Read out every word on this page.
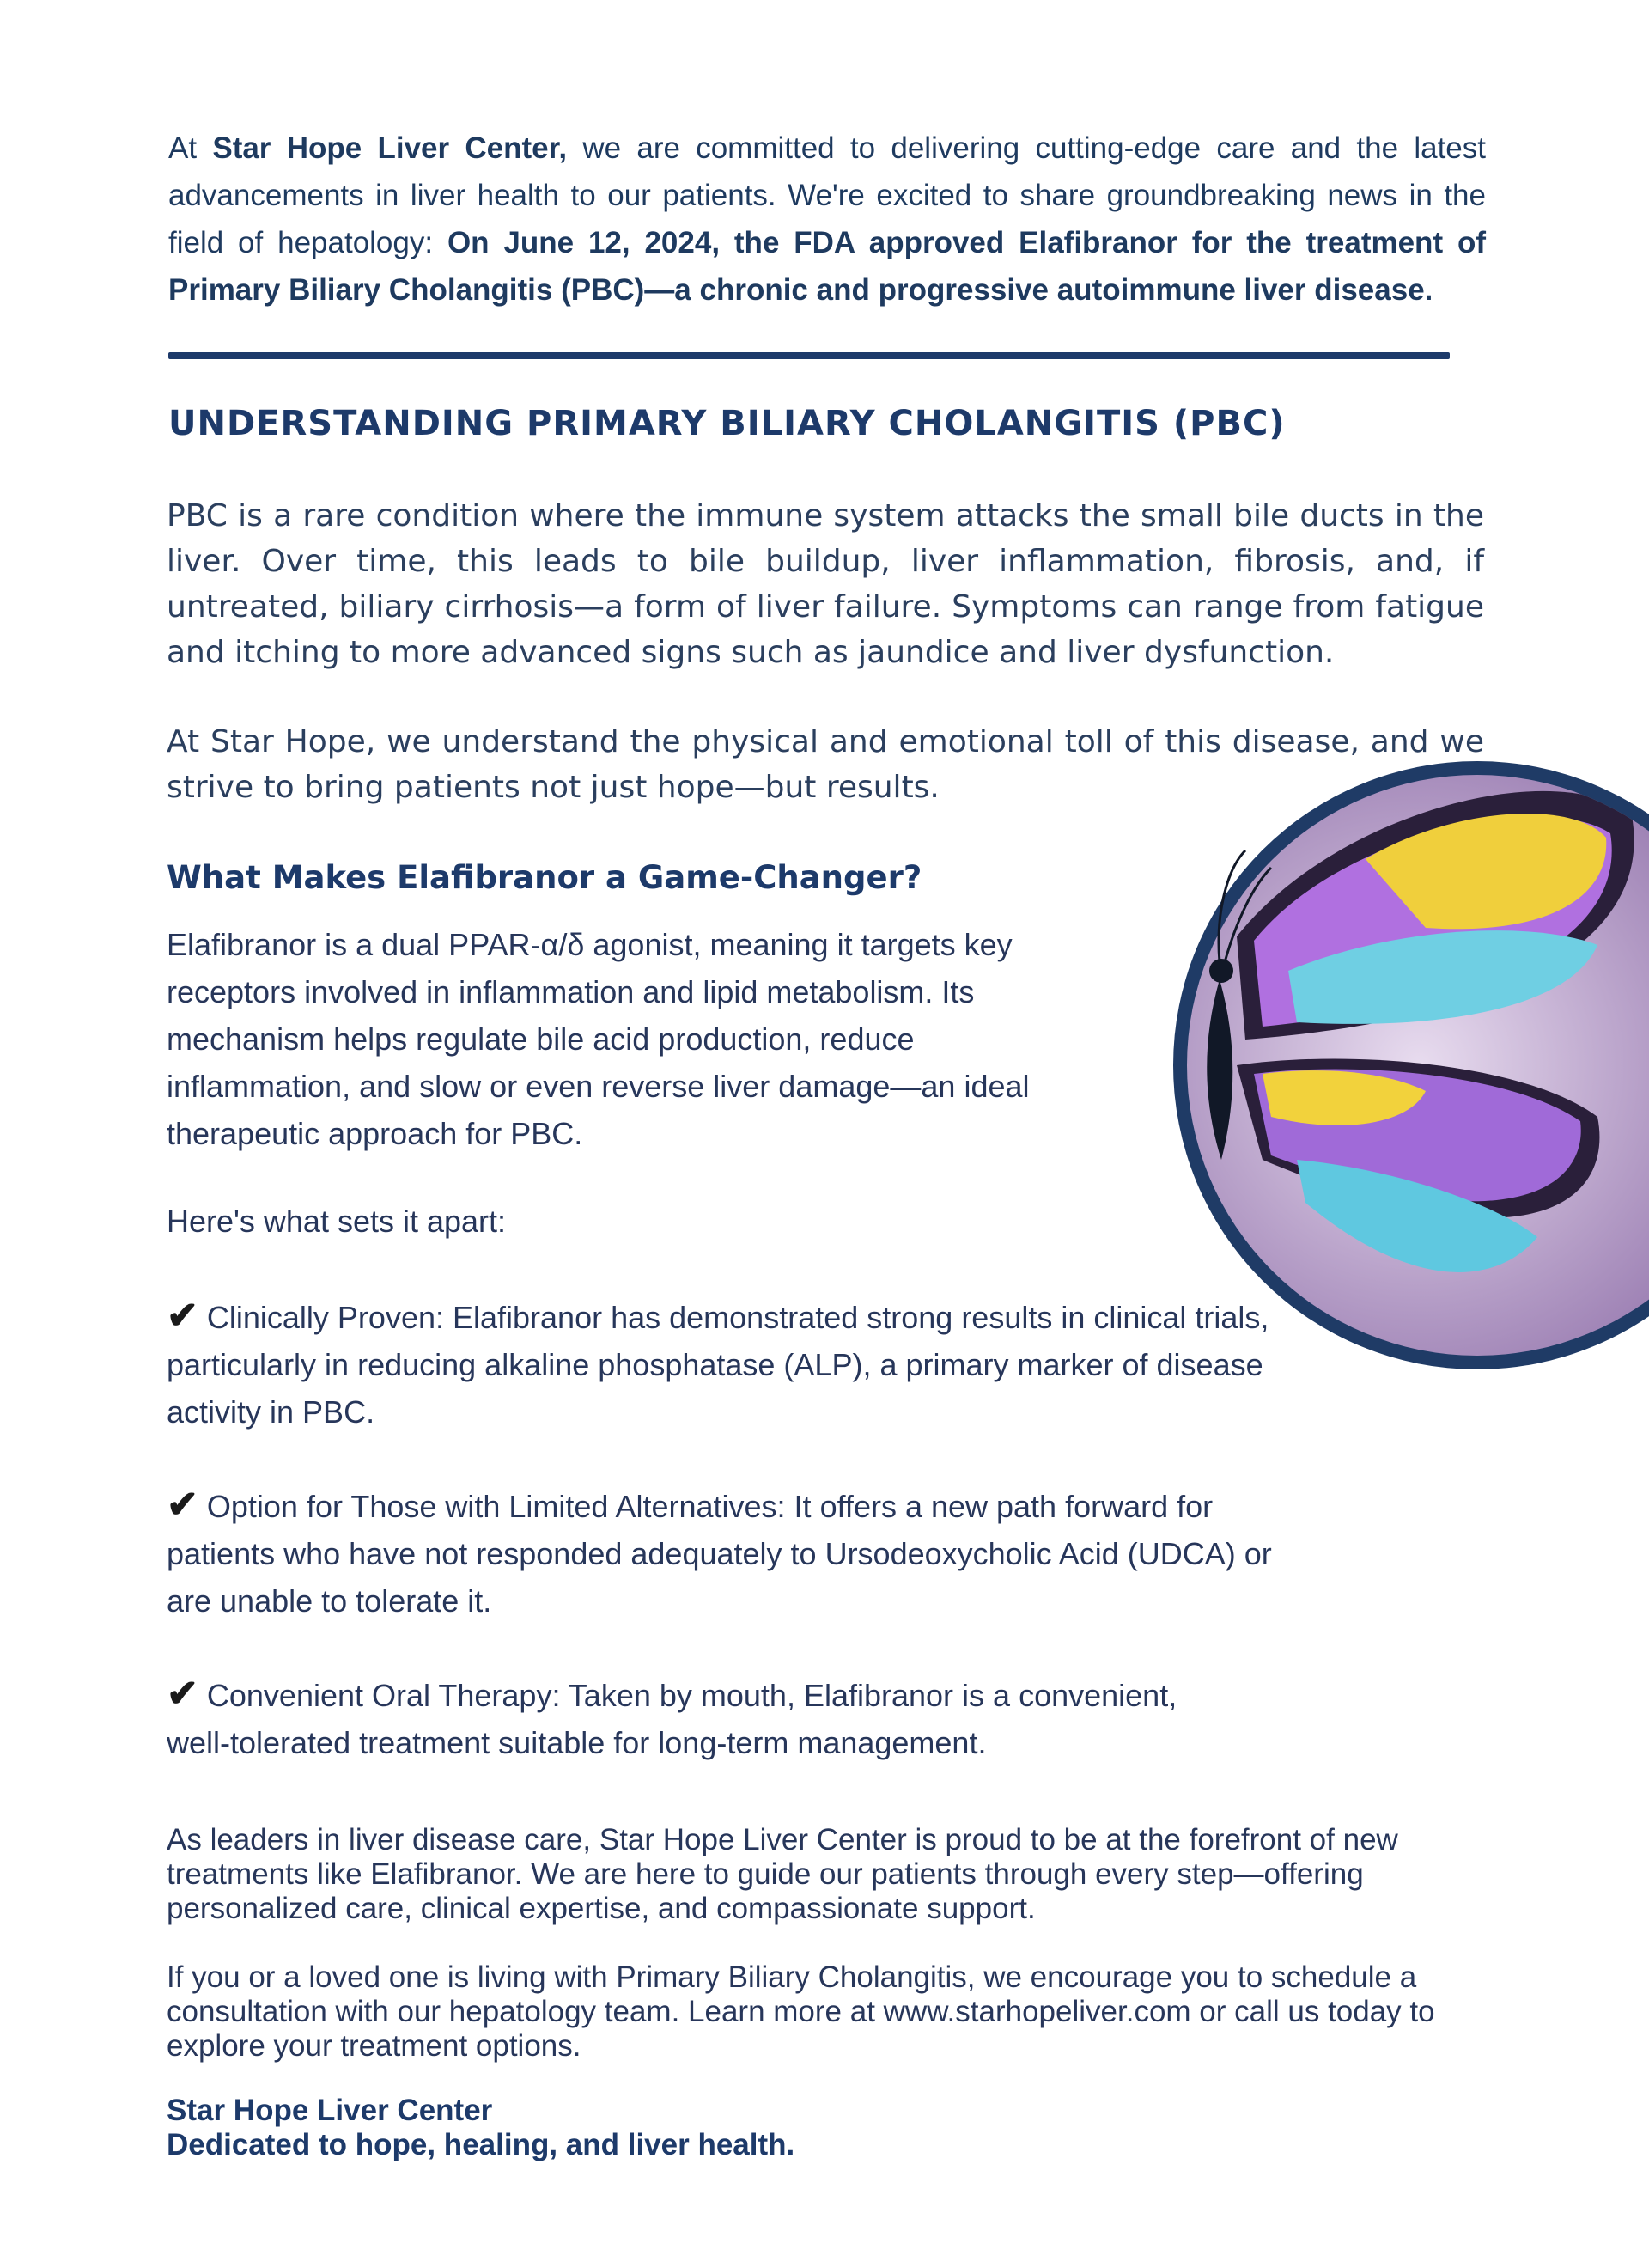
At Star Hope Liver Center, we are committed to delivering cutting-edge care and the latest advancements in liver health to our patients. We're excited to share groundbreaking news in the field of hepatology: On June 12, 2024, the FDA approved Elafibranor for the treatment of Primary Biliary Cholangitis (PBC)—a chronic and progressive autoimmune liver disease.
UNDERSTANDING PRIMARY BILIARY CHOLANGITIS (PBC)
PBC is a rare condition where the immune system attacks the small bile ducts in the liver. Over time, this leads to bile buildup, liver inflammation, fibrosis, and, if untreated, biliary cirrhosis—a form of liver failure. Symptoms can range from fatigue and itching to more advanced signs such as jaundice and liver dysfunction.
At Star Hope, we understand the physical and emotional toll of this disease, and we strive to bring patients not just hope—but results.
What Makes Elafibranor a Game-Changer?
Elafibranor is a dual PPAR-α/δ agonist, meaning it targets key receptors involved in inflammation and lipid metabolism. Its mechanism helps regulate bile acid production, reduce inflammation, and slow or even reverse liver damage—an ideal therapeutic approach for PBC.
Here's what sets it apart:
✔ Clinically Proven: Elafibranor has demonstrated strong results in clinical trials,
particularly in reducing alkaline phosphatase (ALP), a primary marker of disease
activity in PBC.
✔ Option for Those with Limited Alternatives: It offers a new path forward for
patients who have not responded adequately to Ursodeoxycholic Acid (UDCA) or
are unable to tolerate it.
✔ Convenient Oral Therapy: Taken by mouth, Elafibranor is a convenient,
well-tolerated treatment suitable for long-term management.
As leaders in liver disease care, Star Hope Liver Center is proud to be at the forefront of new treatments like Elafibranor. We are here to guide our patients through every step—offering personalized care, clinical expertise, and compassionate support.
If you or a loved one is living with Primary Biliary Cholangitis, we encourage you to schedule a consultation with our hepatology team. Learn more at www.starhopeliver.com or call us today to explore your treatment options.
Star Hope Liver Center
Dedicated to hope, healing, and liver health.
